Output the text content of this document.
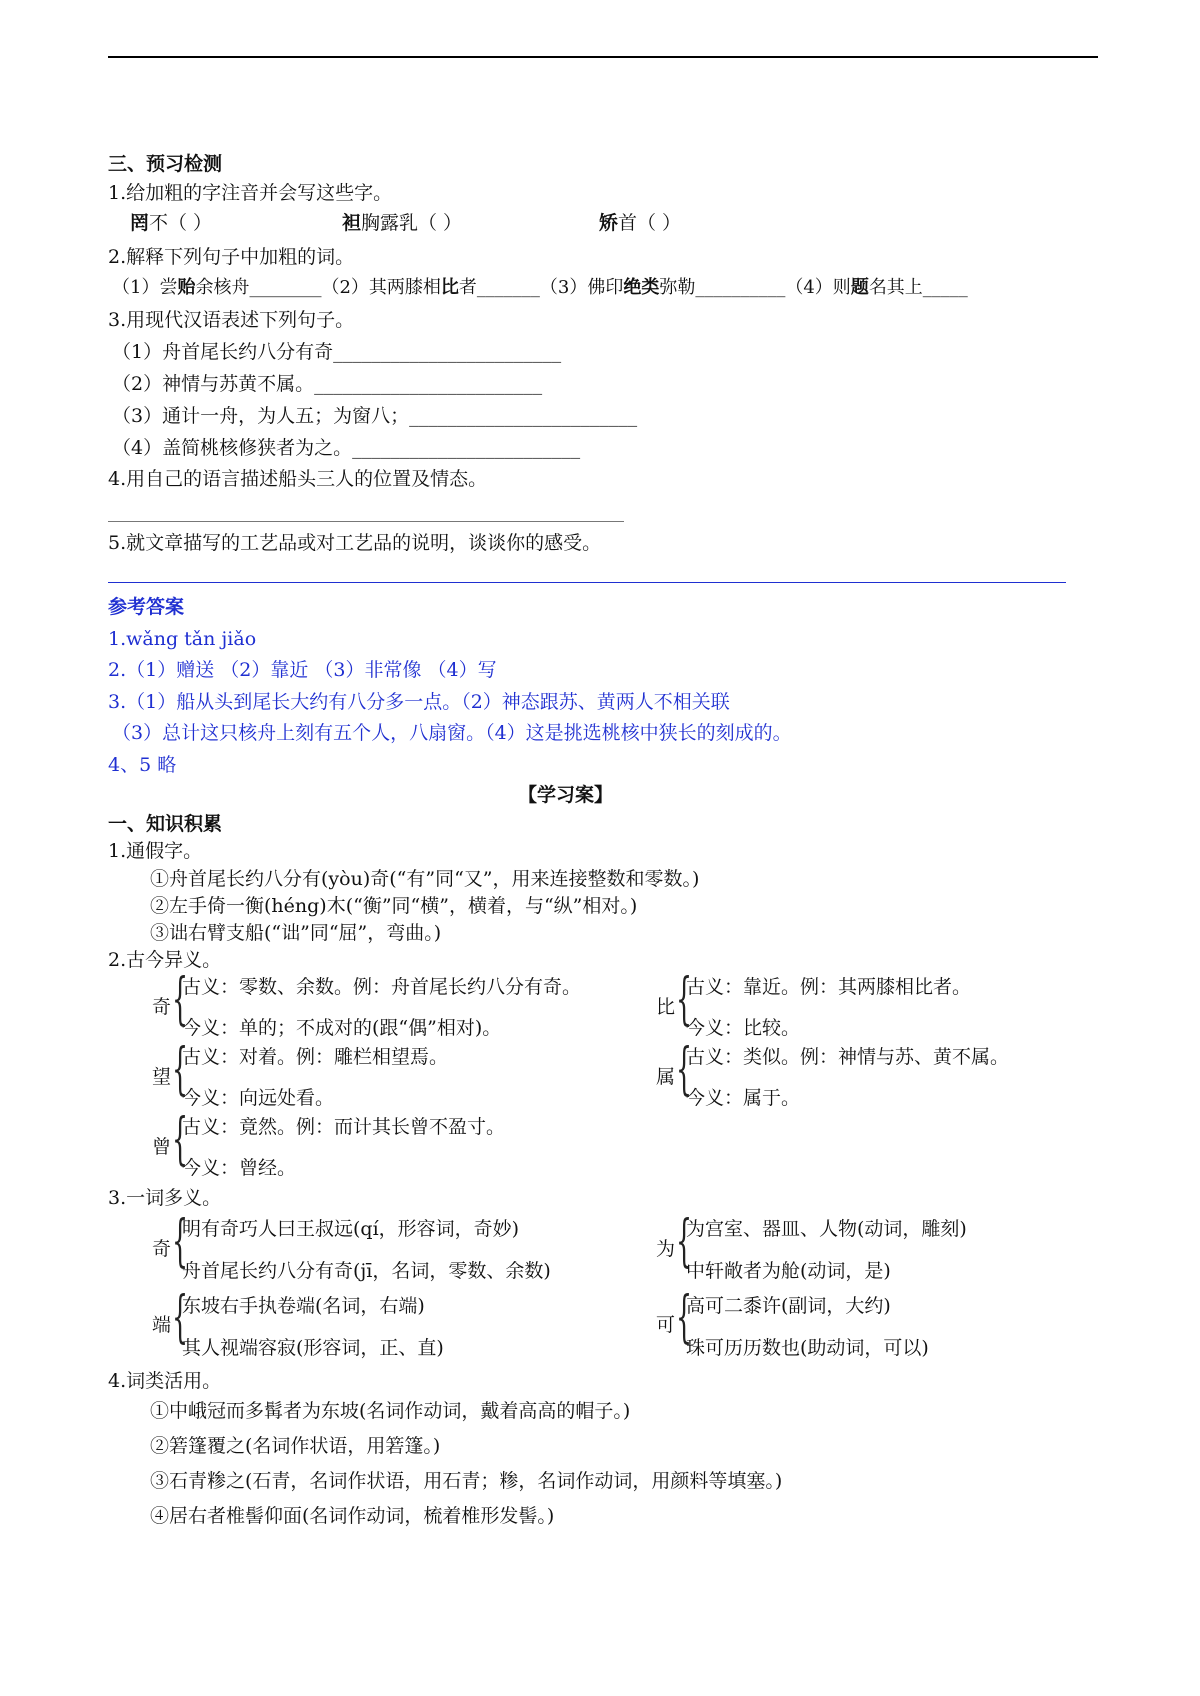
三、预习检测
1.给加粗的字注音并会写这些字。
罔不（ ）	袒胸露乳（ ）	矫首（ ）
2.解释下列句子中加粗的词。
（1）尝贻余核舟________（2）其两膝相比者_______（3）佛印绝类弥勒__________（4）则题名其上_____
3.用现代汉语表述下列句子。
（1）舟首尾长约八分有奇________________________
（2）神情与苏黄不属。________________________
（3）通计一舟，为人五；为窗八；________________________
（4）盖简桃核修狭者为之。________________________
4.用自己的语言描述船头三人的位置及情态。
5.就文章描写的工艺品或对工艺品的说明，谈谈你的感受。
参考答案
1.wǎng tǎn jiǎo
2.（1）赠送 （2）靠近 （3）非常像 （4）写
3.（1）船从头到尾长大约有八分多一点。（2）神态跟苏、黄两人不相关联
（3）总计这只核舟上刻有五个人，八扇窗。（4）这是挑选桃核中狭长的刻成的。
4、5 略
【学习案】
一、知识积累
1.通假字。
①舟首尾长约八分有(yòu)奇(“有”同“又”，用来连接整数和零数。)
②左手倚一衡(héng)木(“衡”同“横”，横着，与“纵”相对。)
③诎右臂支船(“诎”同“屈”，弯曲。)
2.古今异义。
奇 {
古义：零数、余数。例：舟首尾长约八分有奇。
今义：单的；不成对的(跟“偶”相对)。
比 {
古义：靠近。例：其两膝相比者。
今义：比较。
望 {
古义：对着。例：雕栏相望焉。
今义：向远处看。
属 {
古义：类似。例：神情与苏、黄不属。
今义：属于。
曾 {
古义：竟然。例：而计其长曾不盈寸。
今义：曾经。
3.一词多义。
奇 {
明有奇巧人曰王叔远(qí，形容词，奇妙)
舟首尾长约八分有奇(jī，名词，零数、余数)
为 {
为宫室、器皿、人物(动词，雕刻)
中轩敞者为舱(动词，是)
端 {
东坡右手执卷端(名词，右端)
其人视端容寂(形容词，正、直)
可 {
高可二黍许(副词，大约)
珠可历历数也(助动词，可以)
4.词类活用。
①中峨冠而多髯者为东坡(名词作动词，戴着高高的帽子。)
②箬篷覆之(名词作状语，用箬篷。)
③石青糁之(石青，名词作状语，用石青；糁，名词作动词，用颜料等填塞。)
④居右者椎髻仰面(名词作动词，梳着椎形发髻。)
